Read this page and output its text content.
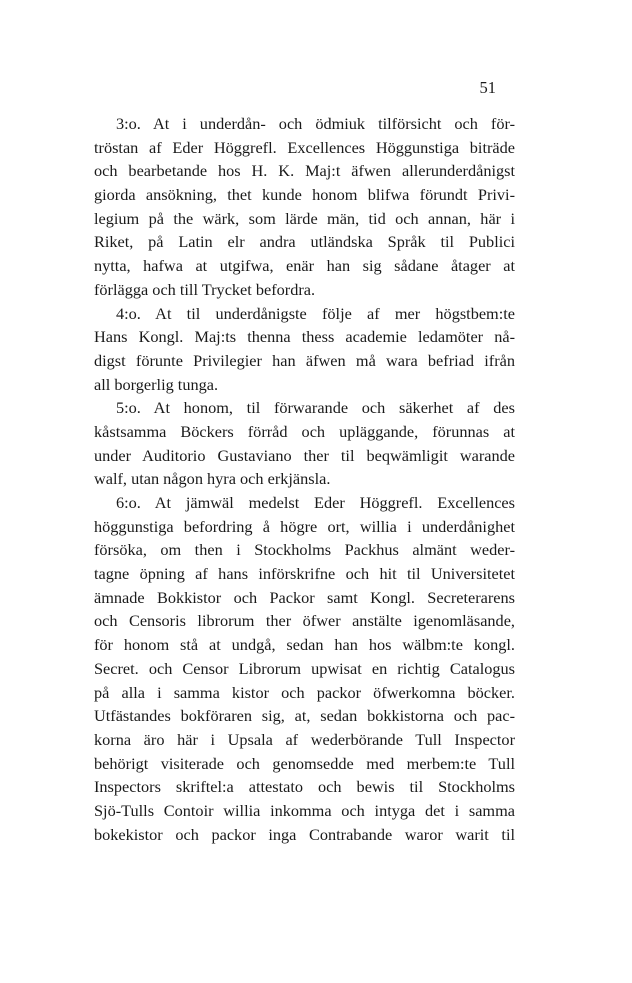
51
3:o. At i underdån- och ödmiuk tilförsicht och för-
tröstan af Eder Höggrefl. Excellences Höggunstiga biträde
och bearbetande hos H. K. Maj:t äfwen allerunderdånigst
giorda ansökning, thet kunde honom blifwa förundt Privi-
legium på the wärk, som lärde män, tid och annan, här i
Riket, på Latin elr andra utländska Språk til Publici
nytta, hafwa at utgifwa, enär han sig sådane åtager at
förlägga och till Trycket befordra.
4:o. At til underdånigste följe af mer högstbem:te
Hans Kongl. Maj:ts thenna thess academie ledamöter nå-
digst förunte Privilegier han äfwen må wara befriad ifrån
all borgerlig tunga.
5:o. At honom, til förwarande och säkerhet af des
kåstsamma Böckers förråd och upläggande, förunnas at
under Auditorio Gustaviano ther til beqwämligit warande
walf, utan någon hyra och erkjänsla.
6:o. At jämwäl medelst Eder Höggrefl. Excellences
höggunstiga befordring å högre ort, willia i underdånighet
försöka, om then i Stockholms Packhus almänt weder-
tagne öpning af hans införskrifne och hit til Universitetet
ämnade Bokkistor och Packor samt Kongl. Secreterarens
och Censoris librorum ther öfwer anstälte igenomläsande,
för honom stå at undgå, sedan han hos wälbm:te kongl.
Secret. och Censor Librorum upwisat en richtig Catalogus
på alla i samma kistor och packor öfwerkomna böcker.
Utfästandes bokföraren sig, at, sedan bokkistorna och pac-
korna äro här i Upsala af wederbörande Tull Inspector
behörigt visiterade och genomsedde med merbem:te Tull
Inspectors skriftel:a attestato och bewis til Stockholms
Sjö-Tulls Contoir willia inkomma och intyga det i samma
bokekistor och packor inga Contrabande waror warit til
